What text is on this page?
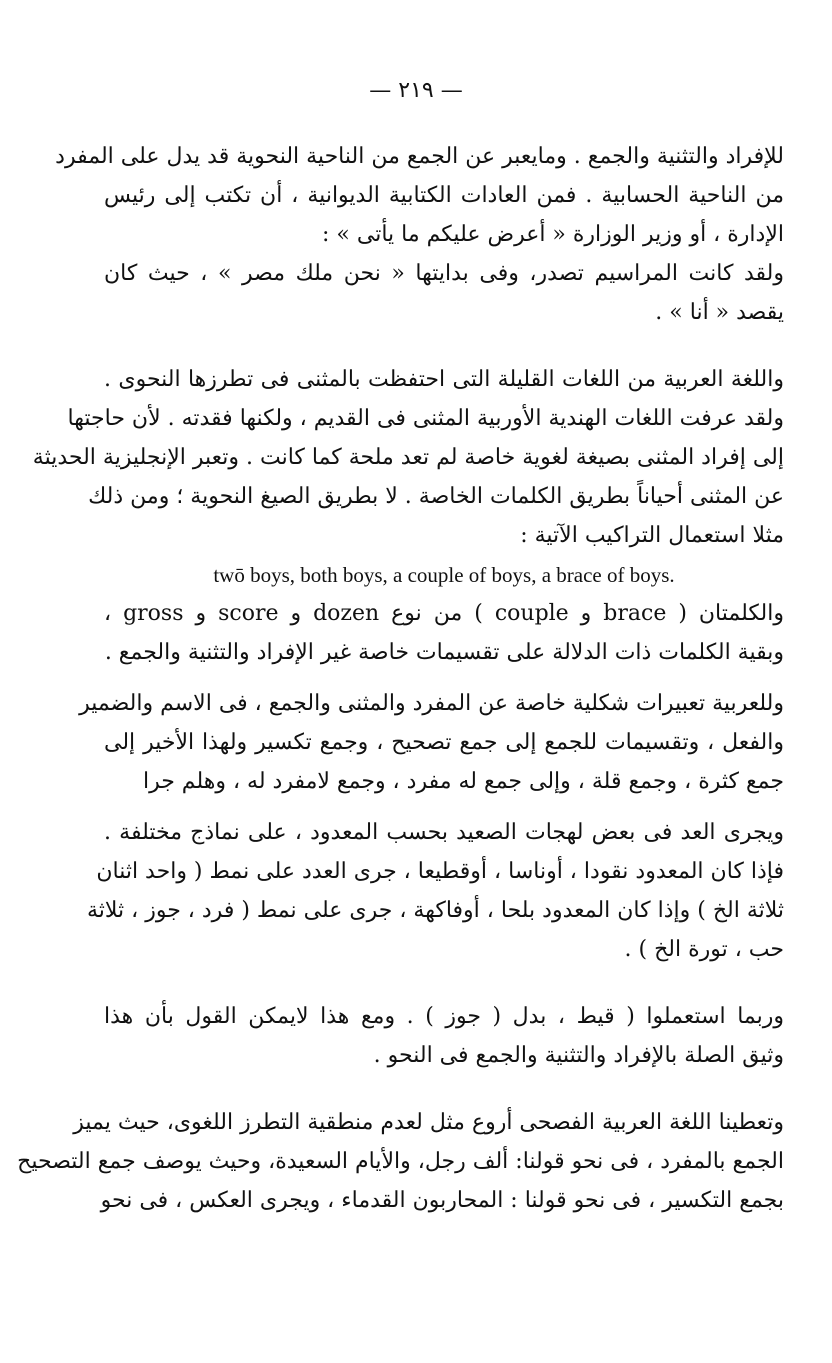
— ٢١٩ —
للإفراد والتثنية والجمع . ومايعبر عن الجمع من الناحية النحوية قد يدل على المفرد
من الناحية الحسابية . فمن العادات الكتابية الديوانية ، أن تكتب إلى رئيس
الإدارة ، أو وزير الوزارة « أعرض عليكم ما يأتى » :
ولقد كانت المراسيم تصدر، وفى بدايتها « نحن ملك مصر » ، حيث كان
يقصد « أنا » .
واللغة العربية من اللغات القليلة التى احتفظت بالمثنى فى تطرزها النحوى .
ولقد عرفت اللغات الهندية الأوربية المثنى فى القديم ، ولكنها فقدته . لأن حاجتها
إلى إفراد المثنى بصيغة لغوية خاصة لم تعد ملحة كما كانت . وتعبر الإنجليزية الحديثة
عن المثنى أحياناً بطريق الكلمات الخاصة . لا بطريق الصيغ النحوية ؛ ومن ذلك
مثلا استعمال التراكيب الآتية :
twō boys, both boys, a couple of boys, a brace of boys.
والكلمتان ( brace و couple ) من نوع dozen و score و gross ،
وبقية الكلمات ذات الدلالة على تقسيمات خاصة غير الإفراد والتثنية والجمع .
وللعربية تعبيرات شكلية خاصة عن المفرد والمثنى والجمع ، فى الاسم والضمير
والفعل ، وتقسيمات للجمع إلى جمع تصحيح ، وجمع تكسير ولهذا الأخير إلى
جمع كثرة ، وجمع قلة ، وإلى جمع له مفرد ، وجمع لامفرد له ، وهلم جرا
ويجرى العد فى بعض لهجات الصعيد بحسب المعدود ، على نماذج مختلفة .
فإذا كان المعدود نقودا ، أوناسا ، أوقطيعا ، جرى العدد على نمط ( واحد اثنان
ثلاثة الخ ) وإذا كان المعدود بلحا ، أوفاكهة ، جرى على نمط ( فرد ، جوز ، ثلاثة
حب ، تورة الخ ) .
وربما استعملوا ( قيط ، بدل ( جوز ) . ومع هذا لايمكن القول بأن هذا
وثيق الصلة بالإفراد والتثنية والجمع فى النحو .
وتعطينا اللغة العربية الفصحى أروع مثل لعدم منطقية التطرز اللغوى، حيث يميز
الجمع بالمفرد ، فى نحو قولنا: ألف رجل، والأيام السعيدة، وحيث يوصف جمع التصحيح
بجمع التكسير ، فى نحو قولنا : المحاربون القدماء ، ويجرى العكس ، فى نحو
